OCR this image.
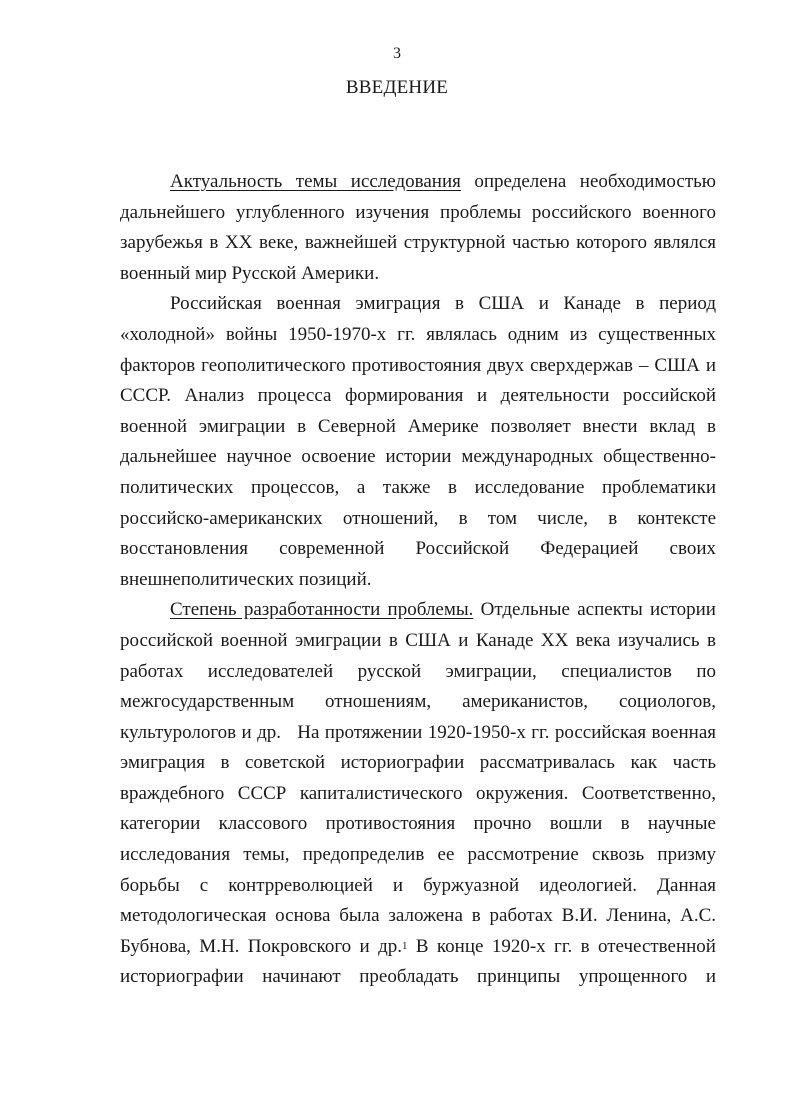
3
ВВЕДЕНИЕ
Актуальность темы исследования определена необходимостью
дальнейшего углубленного изучения проблемы российского военного
зарубежья в XX веке, важнейшей структурной частью которого являлся
военный мир Русской Америки.
Российская военная эмиграция в США и Канаде в период
«холодной» войны 1950-1970-х гг. являлась одним из существенных
факторов геополитического противостояния двух сверхдержав – США и
СССР. Анализ процесса формирования и деятельности российской
военной эмиграции в Северной Америке позволяет внести вклад в
дальнейшее научное освоение истории международных общественно-
политических процессов, а также в исследование проблематики
российско-американских отношений, в том числе, в контексте
восстановления современной Российской Федерацией своих
внешнеполитических позиций.
Степень разработанности проблемы. Отдельные аспекты истории
российской военной эмиграции в США и Канаде XX века изучались в
работах исследователей русской эмиграции, специалистов по
межгосударственным отношениям, американистов, социологов,
культурологов и др.   На протяжении 1920-1950-х гг. российская военная
эмиграция в советской историографии рассматривалась как часть
враждебного СССР капиталистического окружения. Соответственно,
категории классового противостояния прочно вошли в научные
исследования темы, предопределив ее рассмотрение сквозь призму
борьбы с контрреволюцией и буржуазной идеологией. Данная
методологическая основа была заложена в работах В.И. Ленина, А.С.
Бубнова, М.Н. Покровского и др.$^1$ В конце 1920-х гг. в отечественной
историографии начинают преобладать принципы упрощенного и
